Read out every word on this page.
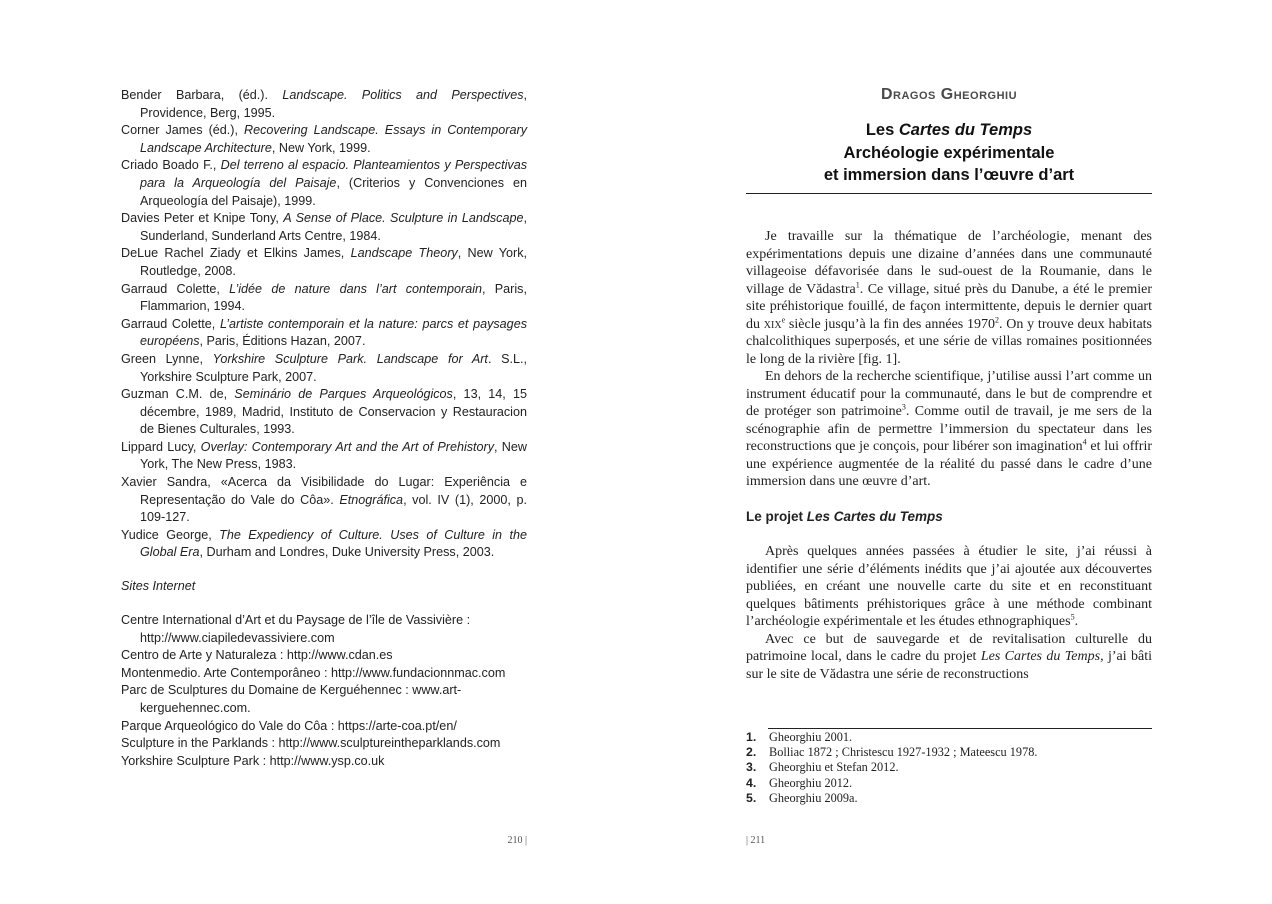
Bender Barbara, (éd.). Landscape. Politics and Perspectives, Providence, Berg, 1995.

Corner James (éd.), Recovering Landscape. Essays in Contemporary Landscape Architecture, New York, 1999.

Criado Boado F., Del terreno al espacio. Planteamientos y Perspectivas para la Arqueología del Paisaje, (Criterios y Convenciones en Arqueología del Paisaje), 1999.

Davies Peter et Knipe Tony, A Sense of Place. Sculpture in Landscape, Sunderland, Sunderland Arts Centre, 1984.

DeLue Rachel Ziady et Elkins James, Landscape Theory, New York, Routledge, 2008.

Garraud Colette, L’idée de nature dans l’art contemporain, Paris, Flammarion, 1994.

Garraud Colette, L’artiste contemporain et la nature: parcs et paysages européens, Paris, Éditions Hazan, 2007.

Green Lynne, Yorkshire Sculpture Park. Landscape for Art. S.L., Yorkshire Sculpture Park, 2007.

Guzman C.M. de, Seminário de Parques Arqueológicos, 13, 14, 15 décembre, 1989, Madrid, Instituto de Conservacion y Restauracion de Bienes Culturales, 1993.

Lippard Lucy, Overlay: Contemporary Art and the Art of Prehistory, New York, The New Press, 1983.

Xavier Sandra, «Acerca da Visibilidade do Lugar: Experiência e Representação do Vale do Côa». Etnográfica, vol. IV (1), 2000, p. 109-127.

Yudice George, The Expediency of Culture. Uses of Culture in the Global Era, Durham and Londres, Duke University Press, 2003.

Sites Internet

Centre International d’Art et du Paysage de l’île de Vassivière : http://www.ciapiledevassiviere.com

Centro de Arte y Naturaleza : http://www.cdan.es

Montenmedio. Arte Contemporâneo : http://www.fundacionnmac.com

Parc de Sculptures du Domaine de Kerguéhennec : www.art-kerguehennec.com.

Parque Arqueológico do Vale do Côa : https://arte-coa.pt/en/

Sculpture in the Parklands : http://www.sculptureintheparklands.com

Yorkshire Sculpture Park : http://www.ysp.co.uk

210 |
Dragos Gheorghiu
Les Cartes du Temps
Archéologie expérimentale
et immersion dans l’œuvre d’art

Je travaille sur la thématique de l’archéologie, menant des expérimentations depuis une dizaine d’années dans une communauté villageoise défavorisée dans le sud-ouest de la Roumanie, dans le village de Vădastra$^1$. Ce village, situé près du Danube, a été le premier site préhistorique fouillé, de façon intermittente, depuis le dernier quart du xix$^e$ siècle jusqu’à la fin des années 1970$^2$. On y trouve deux habitats chalcolithiques superposés, et une série de villas romaines positionnées le long de la rivière [fig. 1].

En dehors de la recherche scientifique, j’utilise aussi l’art comme un instrument éducatif pour la communauté, dans le but de comprendre et de protéger son patrimoine$^3$. Comme outil de travail, je me sers de la scénographie afin de permettre l’immersion du spectateur dans les reconstructions que je conçois, pour libérer son imagination$^4$ et lui offrir une expérience augmentée de la réalité du passé dans le cadre d’une immersion dans une œuvre d’art.

Le projet Les Cartes du Temps

Après quelques années passées à étudier le site, j’ai réussi à identifier une série d’éléments inédits que j’ai ajoutée aux découvertes publiées, en créant une nouvelle carte du site et en reconstituant quelques bâtiments préhistoriques grâce à une méthode combinant l’archéologie expérimentale et les études ethnographiques$^5$.

Avec ce but de sauvegarde et de revitalisation culturelle du patrimoine local, dans le cadre du projet Les Cartes du Temps, j’ai bâti sur le site de Vădastra une série de reconstructions

1. Gheorghiu 2001.
2. Bolliac 1872 ; Christescu 1927-1932 ; Mateescu 1978.
3. Gheorghiu et Stefan 2012.
4. Gheorghiu 2012.
5. Gheorghiu 2009a.
| 211
